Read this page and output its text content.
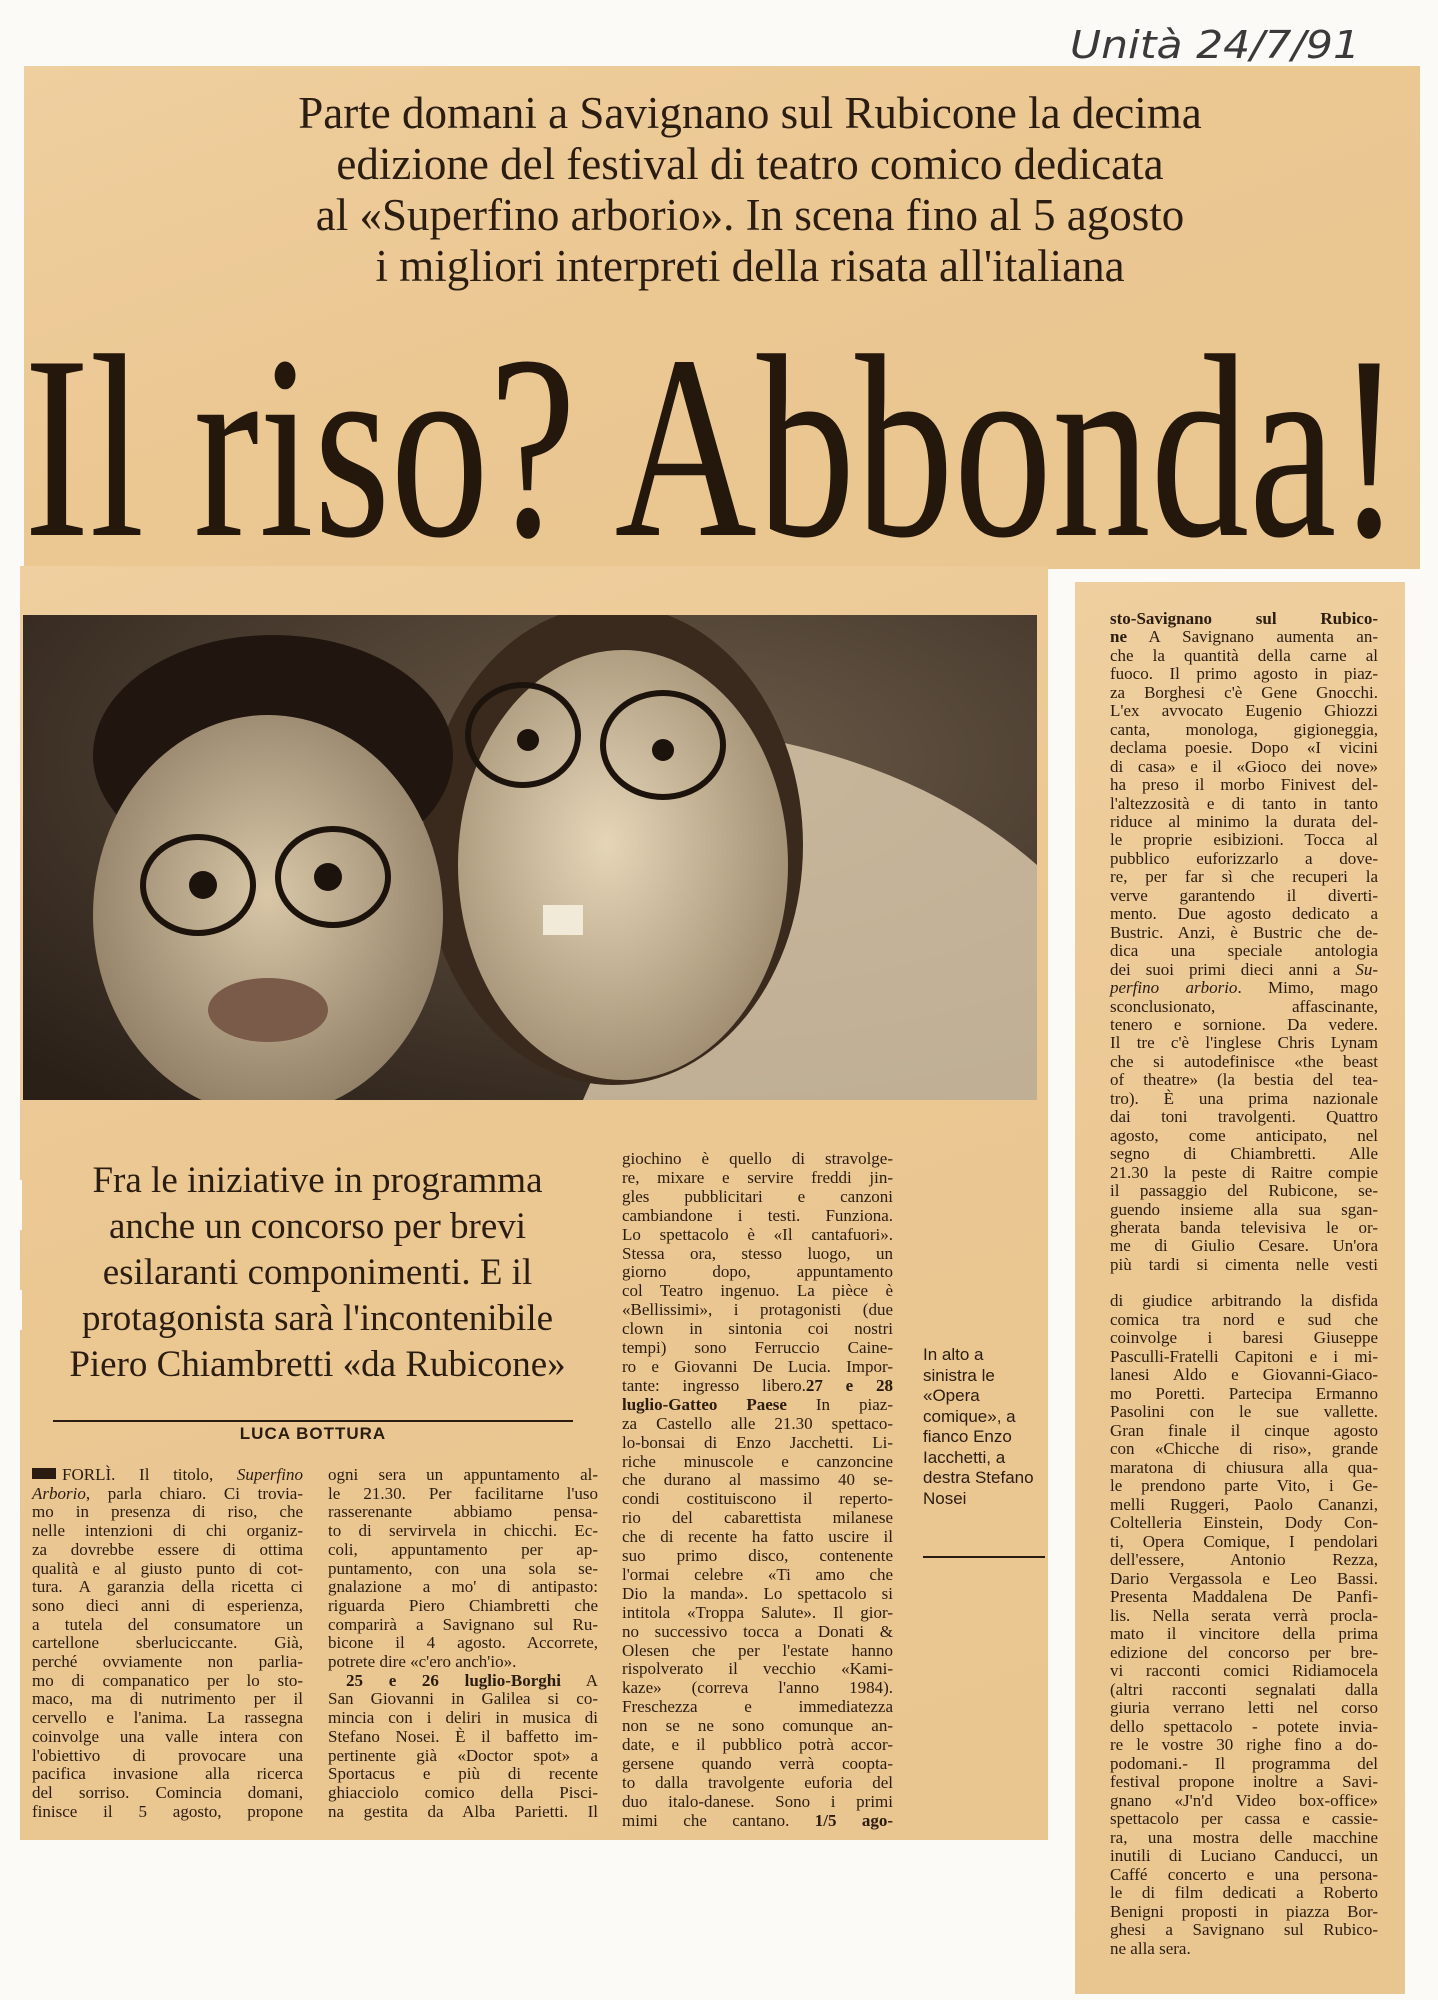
Unità 24/7/91
Parte domani a Savignano sul Rubicone la decima
edizione del festival di teatro comico dedicata
al «Superfino arborio». In scena fino al 5 agosto
i migliori interpreti della risata all'italiana
Il riso? Abbonda!
Fra le iniziative in programma
anche un concorso per brevi
esilaranti componimenti. E il
protagonista sarà l'incontenibile
Piero Chiambretti «da Rubicone»
LUCA BOTTURA
FORLÌ. Il titolo, Superfino
Arborio, parla chiaro. Ci trovia-
mo in presenza di riso, che
nelle intenzioni di chi organiz-
za dovrebbe essere di ottima
qualità e al giusto punto di cot-
tura. A garanzia della ricetta ci
sono dieci anni di esperienza,
a tutela del consumatore un
cartellone sberluciccante. Già,
perché ovviamente non parlia-
mo di companatico per lo sto-
maco, ma di nutrimento per il
cervello e l'anima. La rassegna
coinvolge una valle intera con
l'obiettivo di provocare una
pacifica invasione alla ricerca
del sorriso. Comincia domani,
finisce il 5 agosto, propone
ogni sera un appuntamento al-
le 21.30. Per facilitarne l'uso
rasserenante abbiamo pensa-
to di servirvela in chicchi. Ec-
coli, appuntamento per ap-
puntamento, con una sola se-
gnalazione a mo' di antipasto:
riguarda Piero Chiambretti che
comparirà a Savignano sul Ru-
bicone il 4 agosto. Accorrete,
potrete dire «c'ero anch'io».
25 e 26 luglio-Borghi A
San Giovanni in Galilea si co-
mincia con i deliri in musica di
Stefano Nosei. È il baffetto im-
pertinente già «Doctor spot» a
Sportacus e più di recente
ghiacciolo comico della Pisci-
na gestita da Alba Parietti. Il
giochino è quello di stravolge-
re, mixare e servire freddi jin-
gles pubblicitari e canzoni
cambiandone i testi. Funziona.
Lo spettacolo è «Il cantafuori».
Stessa ora, stesso luogo, un
giorno dopo, appuntamento
col Teatro ingenuo. La pièce è
«Bellissimi», i protagonisti (due
clown in sintonia coi nostri
tempi) sono Ferruccio Caine-
ro e Giovanni De Lucia. Impor-
tante: ingresso libero.27 e 28
luglio-Gatteo Paese In piaz-
za Castello alle 21.30 spettaco-
lo-bonsai di Enzo Jacchetti. Li-
riche minuscole e canzoncine
che durano al massimo 40 se-
condi costituiscono il reperto-
rio del cabarettista milanese
che di recente ha fatto uscire il
suo primo disco, contenente
l'ormai celebre «Ti amo che
Dio la manda». Lo spettacolo si
intitola «Troppa Salute». Il gior-
no successivo tocca a Donati &
Olesen che per l'estate hanno
rispolverato il vecchio «Kami-
kaze» (correva l'anno 1984).
Freschezza e immediatezza
non se ne sono comunque an-
date, e il pubblico potrà accor-
gersene quando verrà coopta-
to dalla travolgente euforia del
duo italo-danese. Sono i primi
mimi che cantano. 1/5 ago-
sto-Savignano sul Rubico-
ne A Savignano aumenta an-
che la quantità della carne al
fuoco. Il primo agosto in piaz-
za Borghesi c'è Gene Gnocchi.
L'ex avvocato Eugenio Ghiozzi
canta, monologa, gigioneggia,
declama poesie. Dopo «I vicini
di casa» e il «Gioco dei nove»
ha preso il morbo Finivest del-
l'altezzosità e di tanto in tanto
riduce al minimo la durata del-
le proprie esibizioni. Tocca al
pubblico euforizzarlo a dove-
re, per far sì che recuperi la
verve garantendo il diverti-
mento. Due agosto dedicato a
Bustric. Anzi, è Bustric che de-
dica una speciale antologia
dei suoi primi dieci anni a Su-
perfino arborio. Mimo, mago
sconclusionato, affascinante,
tenero e sornione. Da vedere.
Il tre c'è l'inglese Chris Lynam
che si autodefinisce «the beast
of theatre» (la bestia del tea-
tro). È una prima nazionale
dai toni travolgenti. Quattro
agosto, come anticipato, nel
segno di Chiambretti. Alle
21.30 la peste di Raitre compie
il passaggio del Rubicone, se-
guendo insieme alla sua sgan-
gherata banda televisiva le or-
me di Giulio Cesare. Un'ora
più tardi si cimenta nelle vesti
di giudice arbitrando la disfida
comica tra nord e sud che
coinvolge i baresi Giuseppe
Pasculli-Fratelli Capitoni e i mi-
lanesi Aldo e Giovanni-Giaco-
mo Poretti. Partecipa Ermanno
Pasolini con le sue vallette.
Gran finale il cinque agosto
con «Chicche di riso», grande
maratona di chiusura alla qua-
le prendono parte Vito, i Ge-
melli Ruggeri, Paolo Cananzi,
Coltelleria Einstein, Dody Con-
ti, Opera Comique, I pendolari
dell'essere, Antonio Rezza,
Dario Vergassola e Leo Bassi.
Presenta Maddalena De Panfi-
lis. Nella serata verrà procla-
mato il vincitore della prima
edizione del concorso per bre-
vi racconti comici Ridiamocela
(altri racconti segnalati dalla
giuria verrano letti nel corso
dello spettacolo - potete invia-
re le vostre 30 righe fino a do-
podomani.- Il programma del
festival propone inoltre a Savi-
gnano «J'n'd Video box-office»
spettacolo per cassa e cassie-
ra, una mostra delle macchine
inutili di Luciano Canducci, un
Caffé concerto e una persona-
le di film dedicati a Roberto
Benigni proposti in piazza Bor-
ghesi a Savignano sul Rubico-
ne alla sera.
In alto a
sinistra le
«Opera
comique», a
fianco Enzo
Iacchetti, a
destra Stefano
Nosei
